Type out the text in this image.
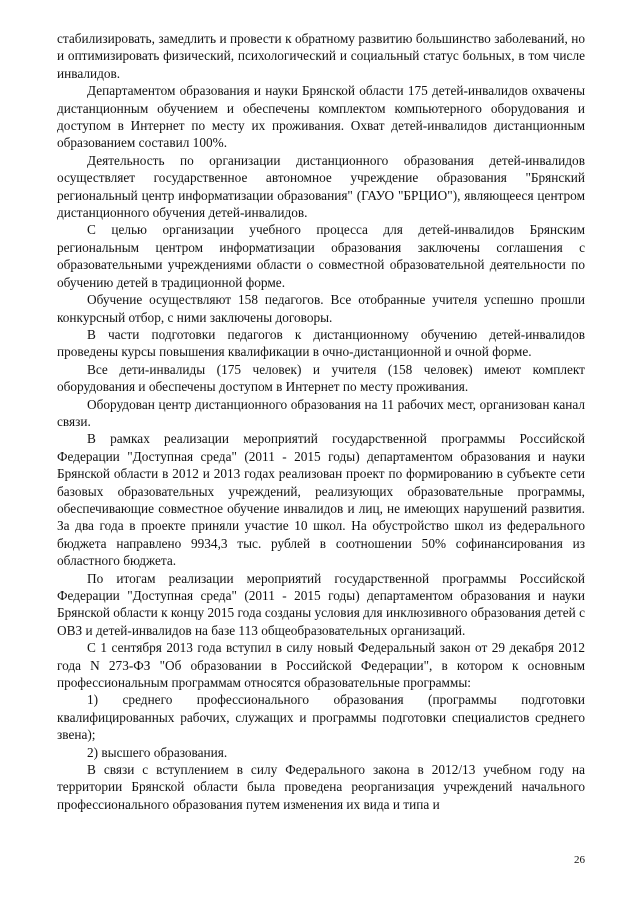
стабилизировать, замедлить и провести к обратному развитию большинство заболеваний, но и оптимизировать физический, психологический и социальный статус больных, в том числе инвалидов.

Департаментом образования и науки Брянской области 175 детей-инвалидов охвачены дистанционным обучением и обеспечены комплектом компьютерного оборудования и доступом в Интернет по месту их проживания. Охват детей-инвалидов дистанционным образованием составил 100%.

Деятельность по организации дистанционного образования детей-инвалидов осуществляет государственное автономное учреждение образования "Брянский региональный центр информатизации образования" (ГАУО "БРЦИО"), являющееся центром дистанционного обучения детей-инвалидов.

С целью организации учебного процесса для детей-инвалидов Брянским региональным центром информатизации образования заключены соглашения с образовательными учреждениями области о совместной образовательной деятельности по обучению детей в традиционной форме.

Обучение осуществляют 158 педагогов. Все отобранные учителя успешно прошли конкурсный отбор, с ними заключены договоры.

В части подготовки педагогов к дистанционному обучению детей-инвалидов проведены курсы повышения квалификации в очно-дистанционной и очной форме.

Все дети-инвалиды (175 человек) и учителя (158 человек) имеют комплект оборудования и обеспечены доступом в Интернет по месту проживания.

Оборудован центр дистанционного образования на 11 рабочих мест, организован канал связи.

В рамках реализации мероприятий государственной программы Российской Федерации "Доступная среда" (2011 - 2015 годы) департаментом образования и науки Брянской области в 2012 и 2013 годах реализован проект по формированию в субъекте сети базовых образовательных учреждений, реализующих образовательные программы, обеспечивающие совместное обучение инвалидов и лиц, не имеющих нарушений развития. За два года в проекте приняли участие 10 школ. На обустройство школ из федерального бюджета направлено 9934,3 тыс. рублей в соотношении 50% софинансирования из областного бюджета.

По итогам реализации мероприятий государственной программы Российской Федерации "Доступная среда" (2011 - 2015 годы) департаментом образования и науки Брянской области к концу 2015 года созданы условия для инклюзивного образования детей с ОВЗ и детей-инвалидов на базе 113 общеобразовательных организаций.

С 1 сентября 2013 года вступил в силу новый Федеральный закон от 29 декабря 2012 года N 273-ФЗ "Об образовании в Российской Федерации", в котором к основным профессиональным программам относятся образовательные программы:

1) среднего профессионального образования (программы подготовки квалифицированных рабочих, служащих и программы подготовки специалистов среднего звена);

2) высшего образования.

В связи с вступлением в силу Федерального закона в 2012/13 учебном году на территории Брянской области была проведена реорганизация учреждений начального профессионального образования путем изменения их вида и типа и

26
